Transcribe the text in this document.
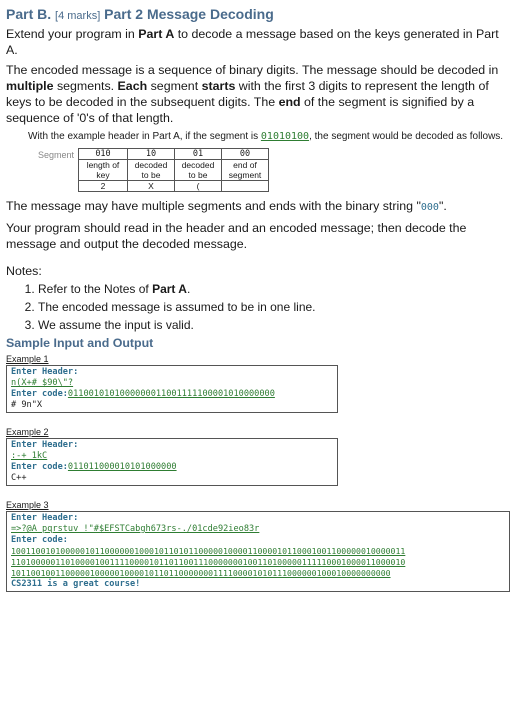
Part B. [4 marks] Part 2 Message Decoding

Extend your program in Part A to decode a message based on the keys generated in Part A.

The encoded message is a sequence of binary digits. The message should be decoded in multiple segments. Each segment starts with the first 3 digits to represent the length of keys to be decoded in the subsequent digits. The end of the segment is signified by a sequence of '0's of that length.

With the example header in Part A, if the segment is 01010100, the segment would be decoded as follows.

Segment	010	10	01	00
length of key	decoded to be	decoded to be	end of segment
2	X	(	

The message may have multiple segments and ends with the binary string "000".

Your program should read in the header and an encoded message; then decode the message and output the decoded message.

Notes:
1. Refer to the Notes of Part A.
2. The encoded message is assumed to be in one line.
3. We assume the input is valid.
Sample Input and Output
Example 1
Enter Header:
n(X+# $90\"?
Enter code:0110010101000000011001111100001010000000
# 9n"X
Example 2
Enter Header:
:-+ 1kC
Enter code:011011000010101000000
C++
Example 3
Enter Header:
=>?@A pqrstuv !"#$EFSTCabgh673rs-./01cde92ieo83r
Enter code:
10011001010000010110000001000101101011000001000011000010110001001100000010000011
11010000011010000100111100001011011001110000000100110100000111110001000011000010
10110010011000001000001000010110110000000111100001010111000000100010000000000
CS2311 is a great course!
